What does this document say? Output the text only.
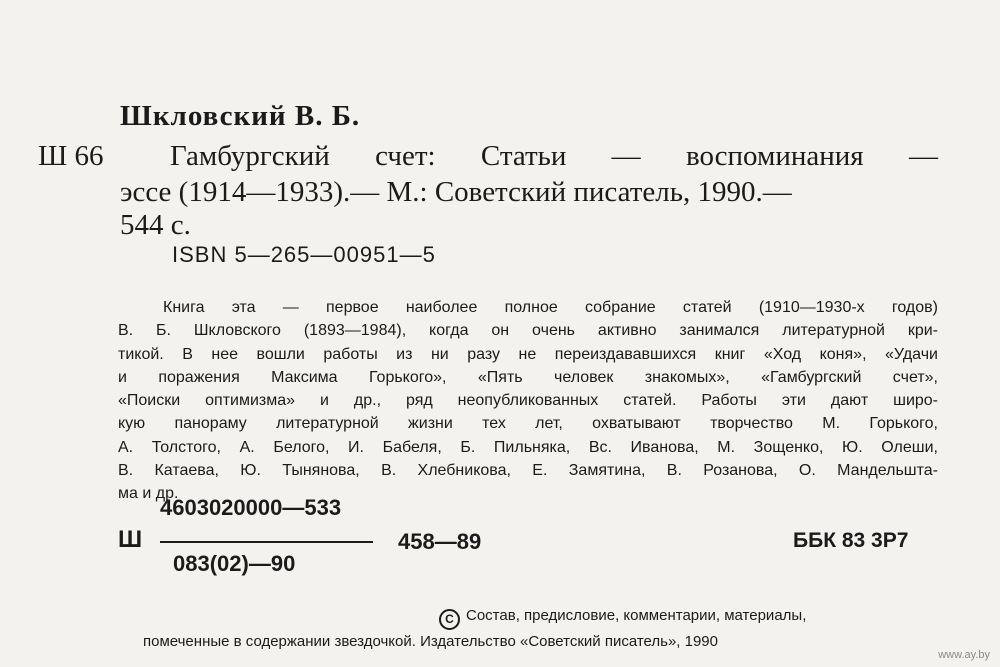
Шкловский В. Б.
Ш 66 Гамбургский счет: Статьи — воспоминания —
эссе (1914—1933).— М.: Советский писатель, 1990.—
544 с.
ISBN 5—265—00951—5
Книга эта — первое наиболее полное собрание статей (1910—1930-х годов)
В. Б. Шкловского (1893—1984), когда он очень активно занимался литературной кри-
тикой. В нее вошли работы из ни разу не переиздававшихся книг «Ход коня», «Удачи
и поражения Максима Горького», «Пять человек знакомых», «Гамбургский счет»,
«Поиски оптимизма» и др., ряд неопубликованных статей. Работы эти дают широ-
кую панораму литературной жизни тех лет, охватывают творчество М. Горького,
А. Толстого, А. Белого, И. Бабеля, Б. Пильняка, Вс. Иванова, М. Зощенко, Ю. Олеши,
В. Катаева, Ю. Тынянова, В. Хлебникова, Е. Замятина, В. Розанова, О. Мандельшта-
ма и др.
Ш
4603020000—533
458—89
083(02)—90
ББК 83 3Р7
C Состав, предисловие, комментарии, материалы,
помеченные в содержании звездочкой. Издательство «Советский писатель», 1990
www.ay.by
